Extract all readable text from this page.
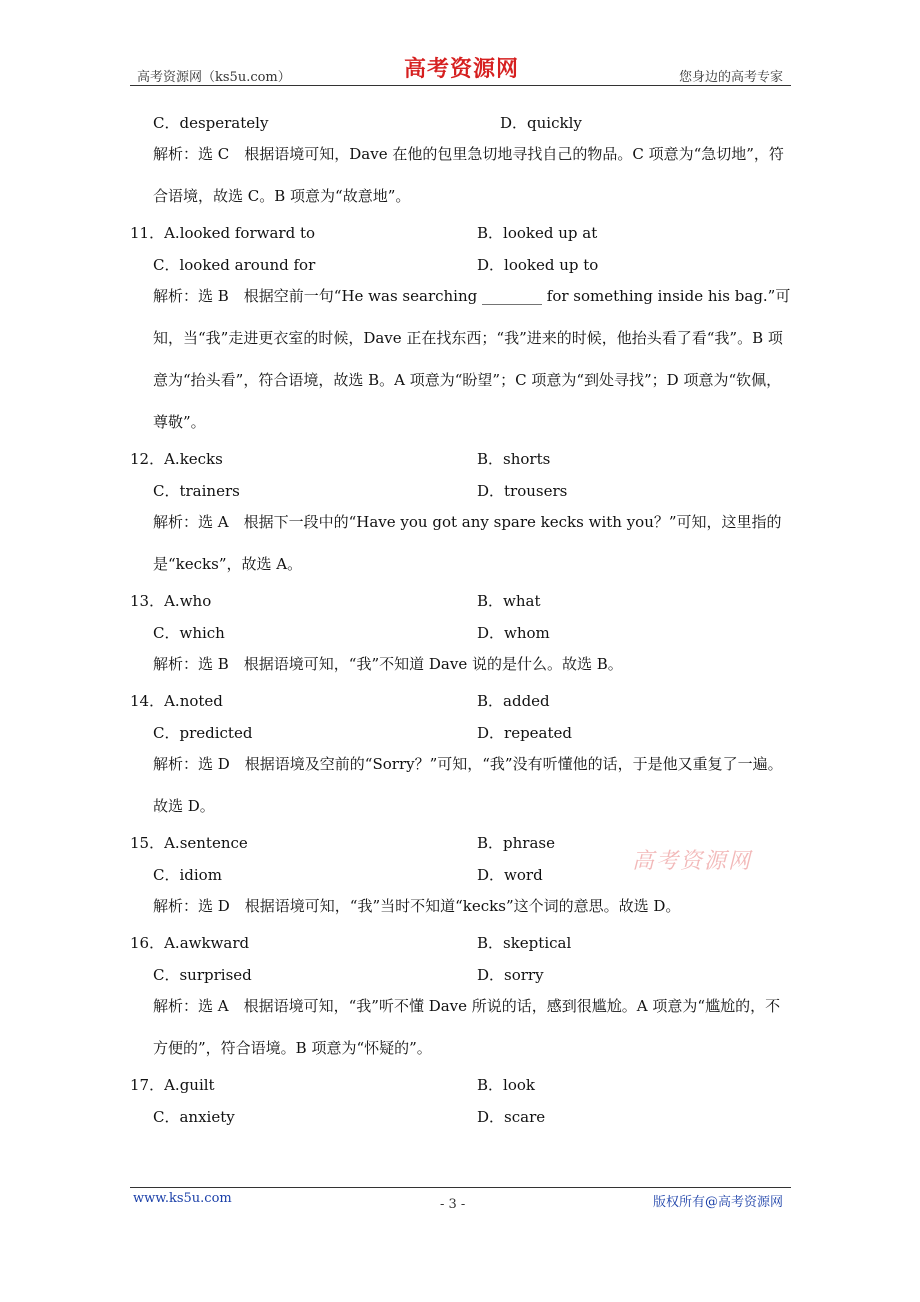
高考资源网（ks5u.com）	高考资源网	您身边的高考专家
C．desperately	D．quickly
解析：选 C　根据语境可知，Dave 在他的包里急切地寻找自己的物品。C 项意为“急切地”，符合语境，故选 C。B 项意为“故意地”。
11．A.looked forward to	B．looked up at
C．looked around for	D．looked up to
解析：选 B　根据空前一句“He was searching ________ for something inside his bag.”可知，当“我”走进更衣室的时候，Dave 正在找东西；“我”进来的时候，他抬头看了看“我”。B 项意为“抬头看”，符合语境，故选 B。A 项意为“盼望”；C 项意为“到处寻找”；D 项意为“钦佩，尊敬”。
12．A.kecks	B．shorts
C．trainers	D．trousers
解析：选 A　根据下一段中的“Have you got any spare kecks with you？”可知，这里指的是“kecks”，故选 A。
13．A.who	B．what
C．which	D．whom
解析：选 B　根据语境可知，“我”不知道 Dave 说的是什么。故选 B。
14．A.noted	B．added
C．predicted	D．repeated
解析：选 D　根据语境及空前的“Sorry？”可知，“我”没有听懂他的话，于是他又重复了一遍。故选 D。
15．A.sentence	B．phrase
C．idiom	D．word
解析：选 D　根据语境可知，“我”当时不知道“kecks”这个词的意思。故选 D。
16．A.awkward	B．skeptical
C．surprised	D．sorry
解析：选 A　根据语境可知，“我”听不懂 Dave 所说的话，感到很尴尬。A 项意为“尴尬的，不方便的”，符合语境。B 项意为“怀疑的”。
17．A.guilt	B．look
C．anxiety	D．scare
高考资源网
www.ks5u.com	- 3 -	版权所有@高考资源网
